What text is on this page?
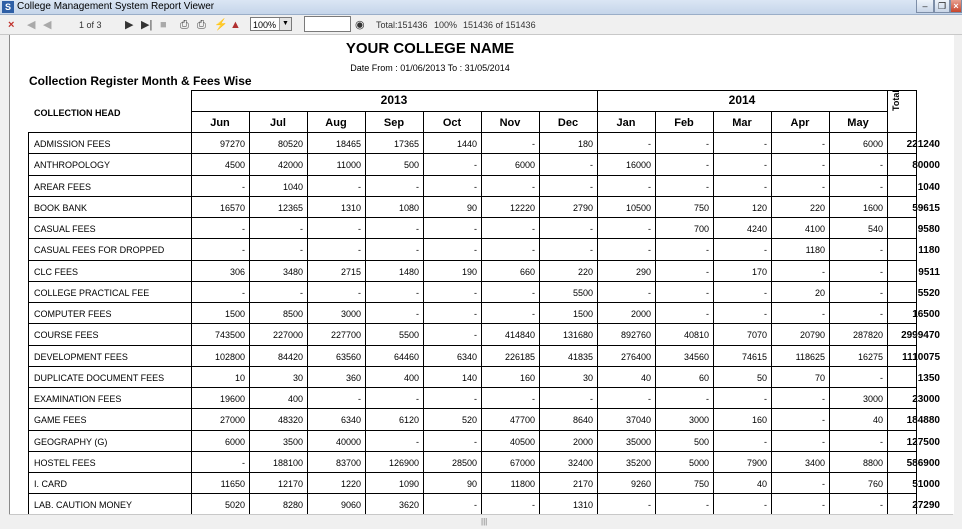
S College Management System Report Viewer	–	❐ ×
× ◀​ ◀	1 of 3 ▶ ▶| ■ ⎙ ⎙ ⚡ ▲	100% ▼	◉ Total:151436 100% 151436 of 151436
YOUR COLLEGE NAME
Date From : 01/06/2013 To : 31/05/2014
Collection Register Month & Fees Wise
COLLECTION HEAD
2013	2014	Total
Jun	Jul	Aug	Sep	Oct	Nov	Dec	Jan	Feb	Mar	Apr	May
ADMISSION FEES	97270	80520	18465	17365	1440	-	180	-	-	-	-	6000	221240
ANTHROPOLOGY	4500	42000	11000	500	-	6000	-	16000	-	-	-	-	80000
AREAR FEES	-	1040	-	-	-	-	-	-	-	-	-	-	1040
BOOK BANK	16570	12365	1310	1080	90	12220	2790	10500	750	120	220	1600	59615
CASUAL FEES	-	-	-	-	-	-	-	-	700	4240	4100	540	9580
CASUAL FEES FOR DROPPED	-	-	-	-	-	-	-	-	-	-	1180	-	1180
CLC FEES	306	3480	2715	1480	190	660	220	290	-	170	-	-	9511
COLLEGE PRACTICAL FEE	-	-	-	-	-	-	5500	-	-	-	20	-	5520
COMPUTER FEES	1500	8500	3000	-	-	-	1500	2000	-	-	-	-	16500
COURSE FEES	743500	227000	227700	5500	-	414840	131680	892760	40810	7070	20790	287820	2999470
DEVELOPMENT FEES	102800	84420	63560	64460	6340	226185	41835	276400	34560	74615	118625	16275	1110075
DUPLICATE DOCUMENT FEES	10	30	360	400	140	160	30	40	60	50	70	-	1350
EXAMINATION FEES	19600	400	-	-	-	-	-	-	-	-	-	3000	23000
GAME FEES	27000	48320	6340	6120	520	47700	8640	37040	3000	160	-	40	184880
GEOGRAPHY (G)	6000	3500	40000	-	-	40500	2000	35000	500	-	-	-	127500
HOSTEL FEES	-	188100	83700	126900	28500	67000	32400	35200	5000	7900	3400	8800	586900
I. CARD	11650	12170	1220	1090	90	11800	2170	9260	750	40	-	760	51000
LAB. CAUTION MONEY	5020	8280	9060	3620	-	-	1310	-	-	-	-	-	27290
|||
